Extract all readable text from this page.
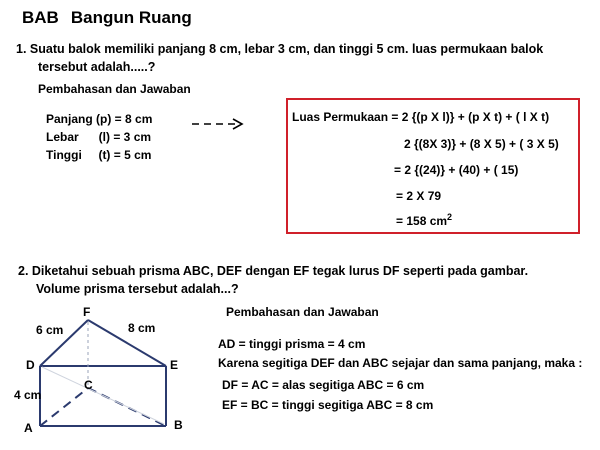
BAB Bangun Ruang
1. Suatu balok memiliki panjang 8 cm, lebar 3 cm, dan tinggi 5 cm. luas permukaan balok
tersebut adalah.....?
Pembahasan dan Jawaban
Panjang (p) = 8 cm
Lebar      (l) = 3 cm
Tinggi     (t) = 5 cm
Luas Permukaan = 2 {(p X l)} + (p X t) + ( l X t)
2 {(8X 3)} + (8 X 5) + ( 3 X 5)
= 2 {(24)} + (40) + ( 15)
= 2 X 79
= 158 $cm^2$
2. Diketahui sebuah prisma ABC, DEF dengan EF tegak lurus DF seperti pada gambar.
Volume prisma tersebut adalah...?
Pembahasan dan Jawaban
AD = tinggi prisma = 4 cm
Karena segitiga DEF dan ABC sejajar dan sama panjang, maka :
DF = AC = alas segitiga ABC = 6 cm
EF = BC = tinggi segitiga ABC = 8 cm
F
D	E
C
A	B
6 cm	8 cm
4 cm
